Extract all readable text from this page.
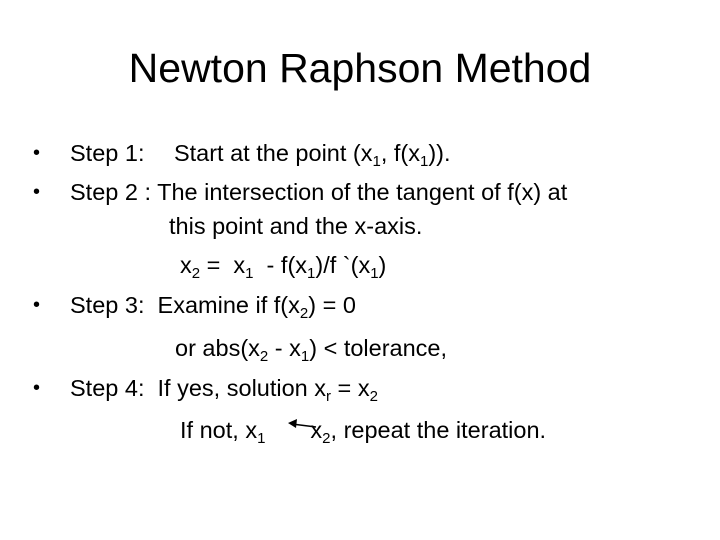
Newton Raphson Method
• Step 1: Start at the point ($x_1$, $f(x_1)$).
• Step 2 : The intersection of the tangent of f(x) at
this point and the x-axis.
$x_2 = x_1 - f(x_1)/f$ $`(x_1)$
• Step 3:  Examine if $f(x_2) = 0$
or $abs(x_2 - x_1)$ < tolerance,
• Step 4:  If yes, solution $x_r = x_2$
If not, $x_1$ $x_2$, repeat the iteration.
